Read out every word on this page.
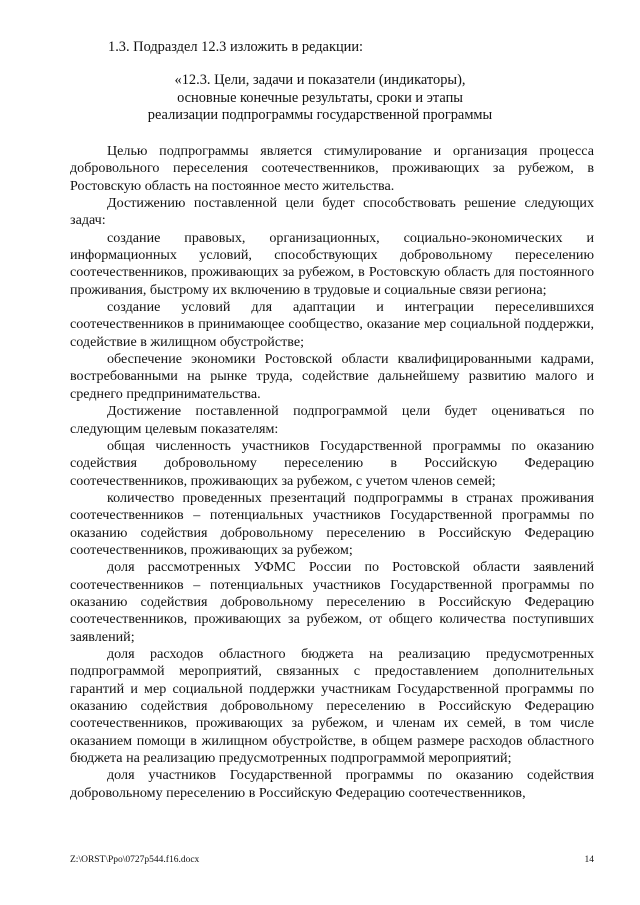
1.3. Подраздел 12.3 изложить в редакции:
«12.3. Цели, задачи и показатели (индикаторы),
основные конечные результаты, сроки и этапы
реализации подпрограммы государственной программы

Целью подпрограммы является стимулирование и организация процесса добровольного переселения соотечественников, проживающих за рубежом, в Ростовскую область на постоянное место жительства.

Достижению поставленной цели будет способствовать решение следующих задач:

создание правовых, организационных, социально-экономических и информационных условий, способствующих добровольному переселению соотечественников, проживающих за рубежом, в Ростовскую область для постоянного проживания, быстрому их включению в трудовые и социальные связи региона;

создание условий для адаптации и интеграции переселившихся соотечественников в принимающее сообщество, оказание мер социальной поддержки, содействие в жилищном обустройстве;

обеспечение экономики Ростовской области квалифицированными кадрами, востребованными на рынке труда, содействие дальнейшему развитию малого и среднего предпринимательства.

Достижение поставленной подпрограммой цели будет оцениваться по следующим целевым показателям:

общая численность участников Государственной программы по оказанию содействия добровольному переселению в Российскую Федерацию соотечественников, проживающих за рубежом, с учетом членов семей;

количество проведенных презентаций подпрограммы в странах проживания соотечественников – потенциальных участников Государственной программы по оказанию содействия добровольному переселению в Российскую Федерацию соотечественников, проживающих за рубежом;

доля рассмотренных УФМС России по Ростовской области заявлений соотечественников – потенциальных участников Государственной программы по оказанию содействия добровольному переселению в Российскую Федерацию соотечественников, проживающих за рубежом, от общего количества поступивших заявлений;

доля расходов областного бюджета на реализацию предусмотренных подпрограммой мероприятий, связанных с предоставлением дополнительных гарантий и мер социальной поддержки участникам Государственной программы по оказанию содействия добровольному переселению в Российскую Федерацию соотечественников, проживающих за рубежом, и членам их семей, в том числе оказанием помощи в жилищном обустройстве, в общем размере расходов областного бюджета на реализацию предусмотренных подпрограммой мероприятий;

доля участников Государственной программы по оказанию содействия добровольному переселению в Российскую Федерацию соотечественников,

Z:\ORST\Ppo\0727p544.f16.docx	14
